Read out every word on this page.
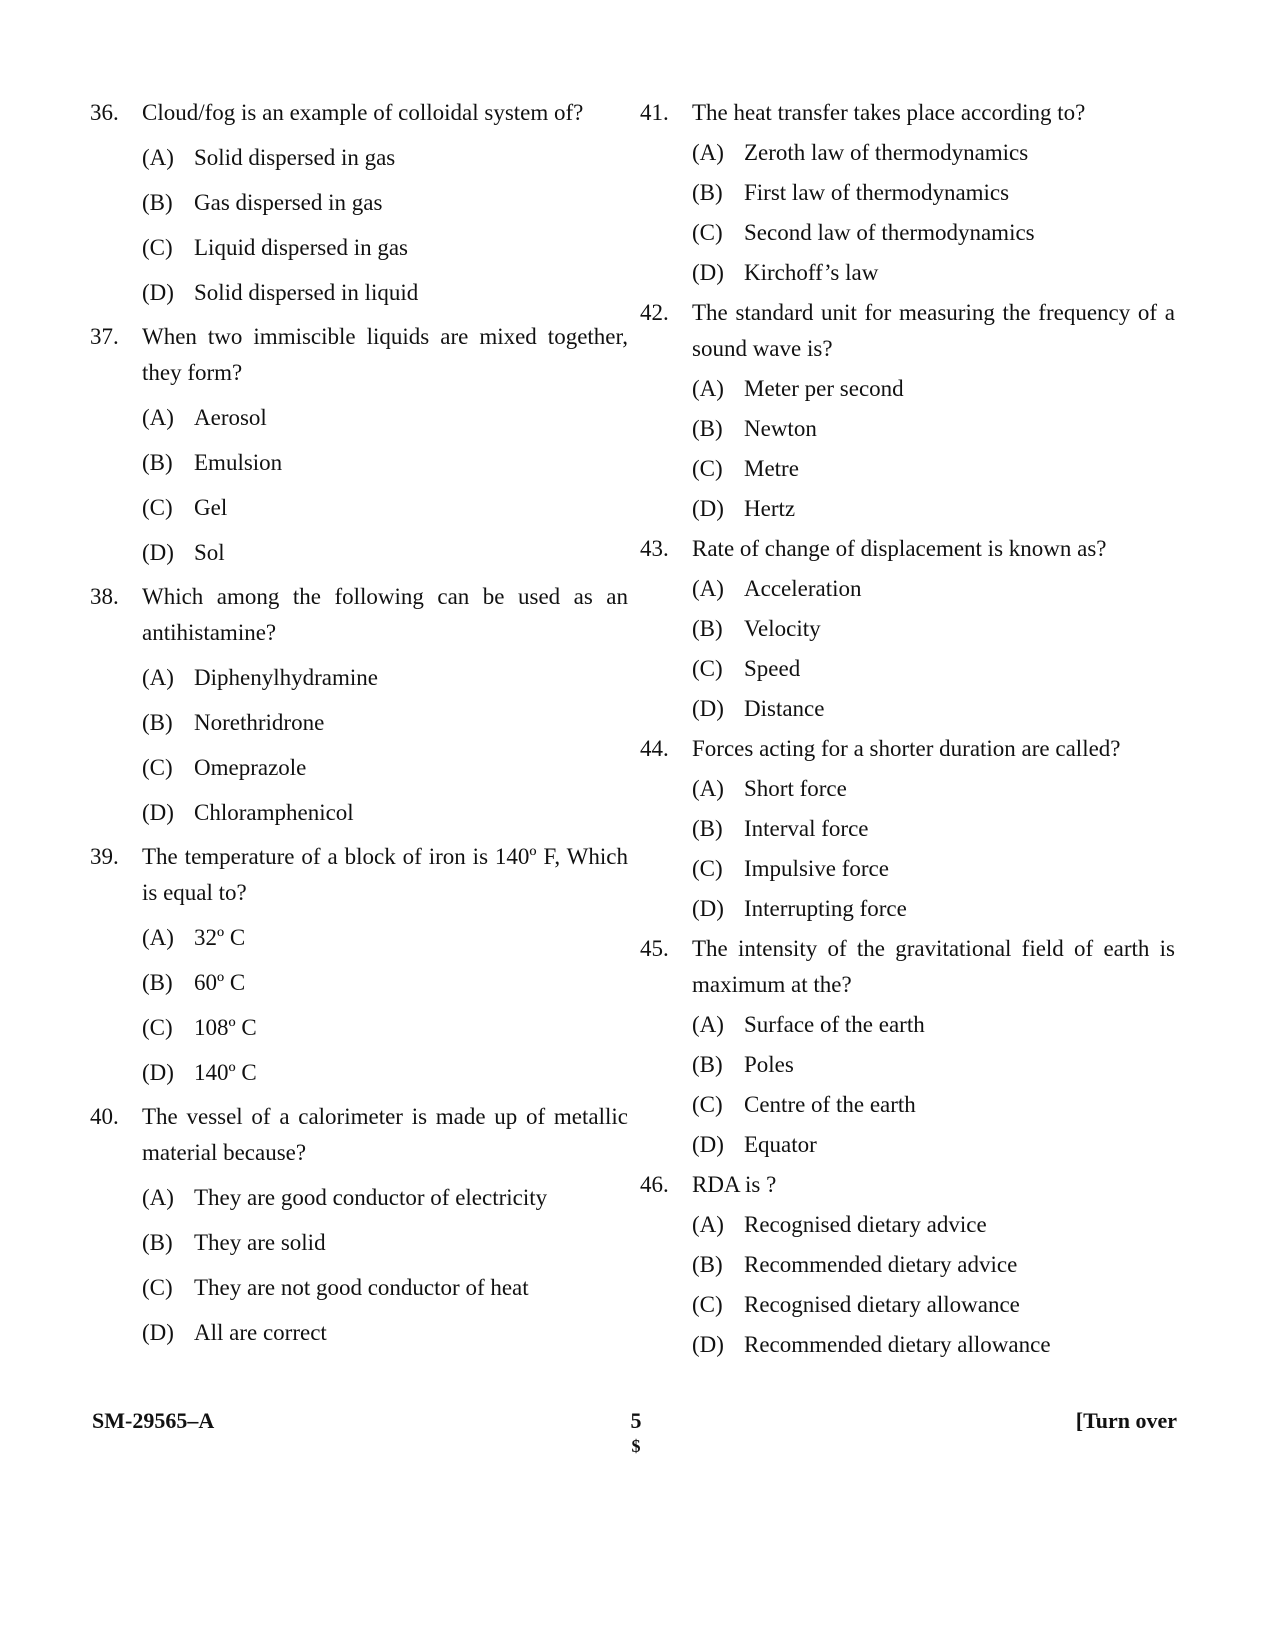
36.	Cloud/fog is an example of colloidal system of?
(A) Solid dispersed in gas
(B) Gas dispersed in gas
(C) Liquid dispersed in gas
(D) Solid dispersed in liquid
37.	When two immiscible liquids are mixed together, they form?
(A) Aerosol
(B) Emulsion
(C) Gel
(D) Sol
38.	Which among the following can be used as an antihistamine?
(A) Diphenylhydramine
(B) Norethridrone
(C) Omeprazole
(D) Chloramphenicol
39.	The temperature of a block of iron is 140º F, Which is equal to?
(A) 32º C
(B) 60º C
(C) 108º C
(D) 140º C
40.	The vessel of a calorimeter is made up of metallic material because?
(A) They are good conductor of electricity
(B) They are solid
(C) They are not good conductor of heat
(D) All are correct
41.	The heat transfer takes place according to?
(A) Zeroth law of thermodynamics
(B) First law of thermodynamics
(C) Second law of thermodynamics
(D) Kirchoff’s law
42.	The standard unit for measuring the frequency of a sound wave is?
(A) Meter per second
(B) Newton
(C) Metre
(D) Hertz
43.	Rate of change of displacement is known as?
(A) Acceleration
(B) Velocity
(C) Speed
(D) Distance
44.	Forces acting for a shorter duration are called?
(A) Short force
(B) Interval force
(C) Impulsive force
(D) Interrupting force
45.	The intensity of the gravitational field of earth is maximum at the?
(A) Surface of the earth
(B) Poles
(C) Centre of the earth
(D) Equator
46.	RDA is ?
(A) Recognised dietary advice
(B) Recommended dietary advice
(C) Recognised dietary allowance
(D) Recommended dietary allowance
SM-29565–A	5	[Turn over
$
